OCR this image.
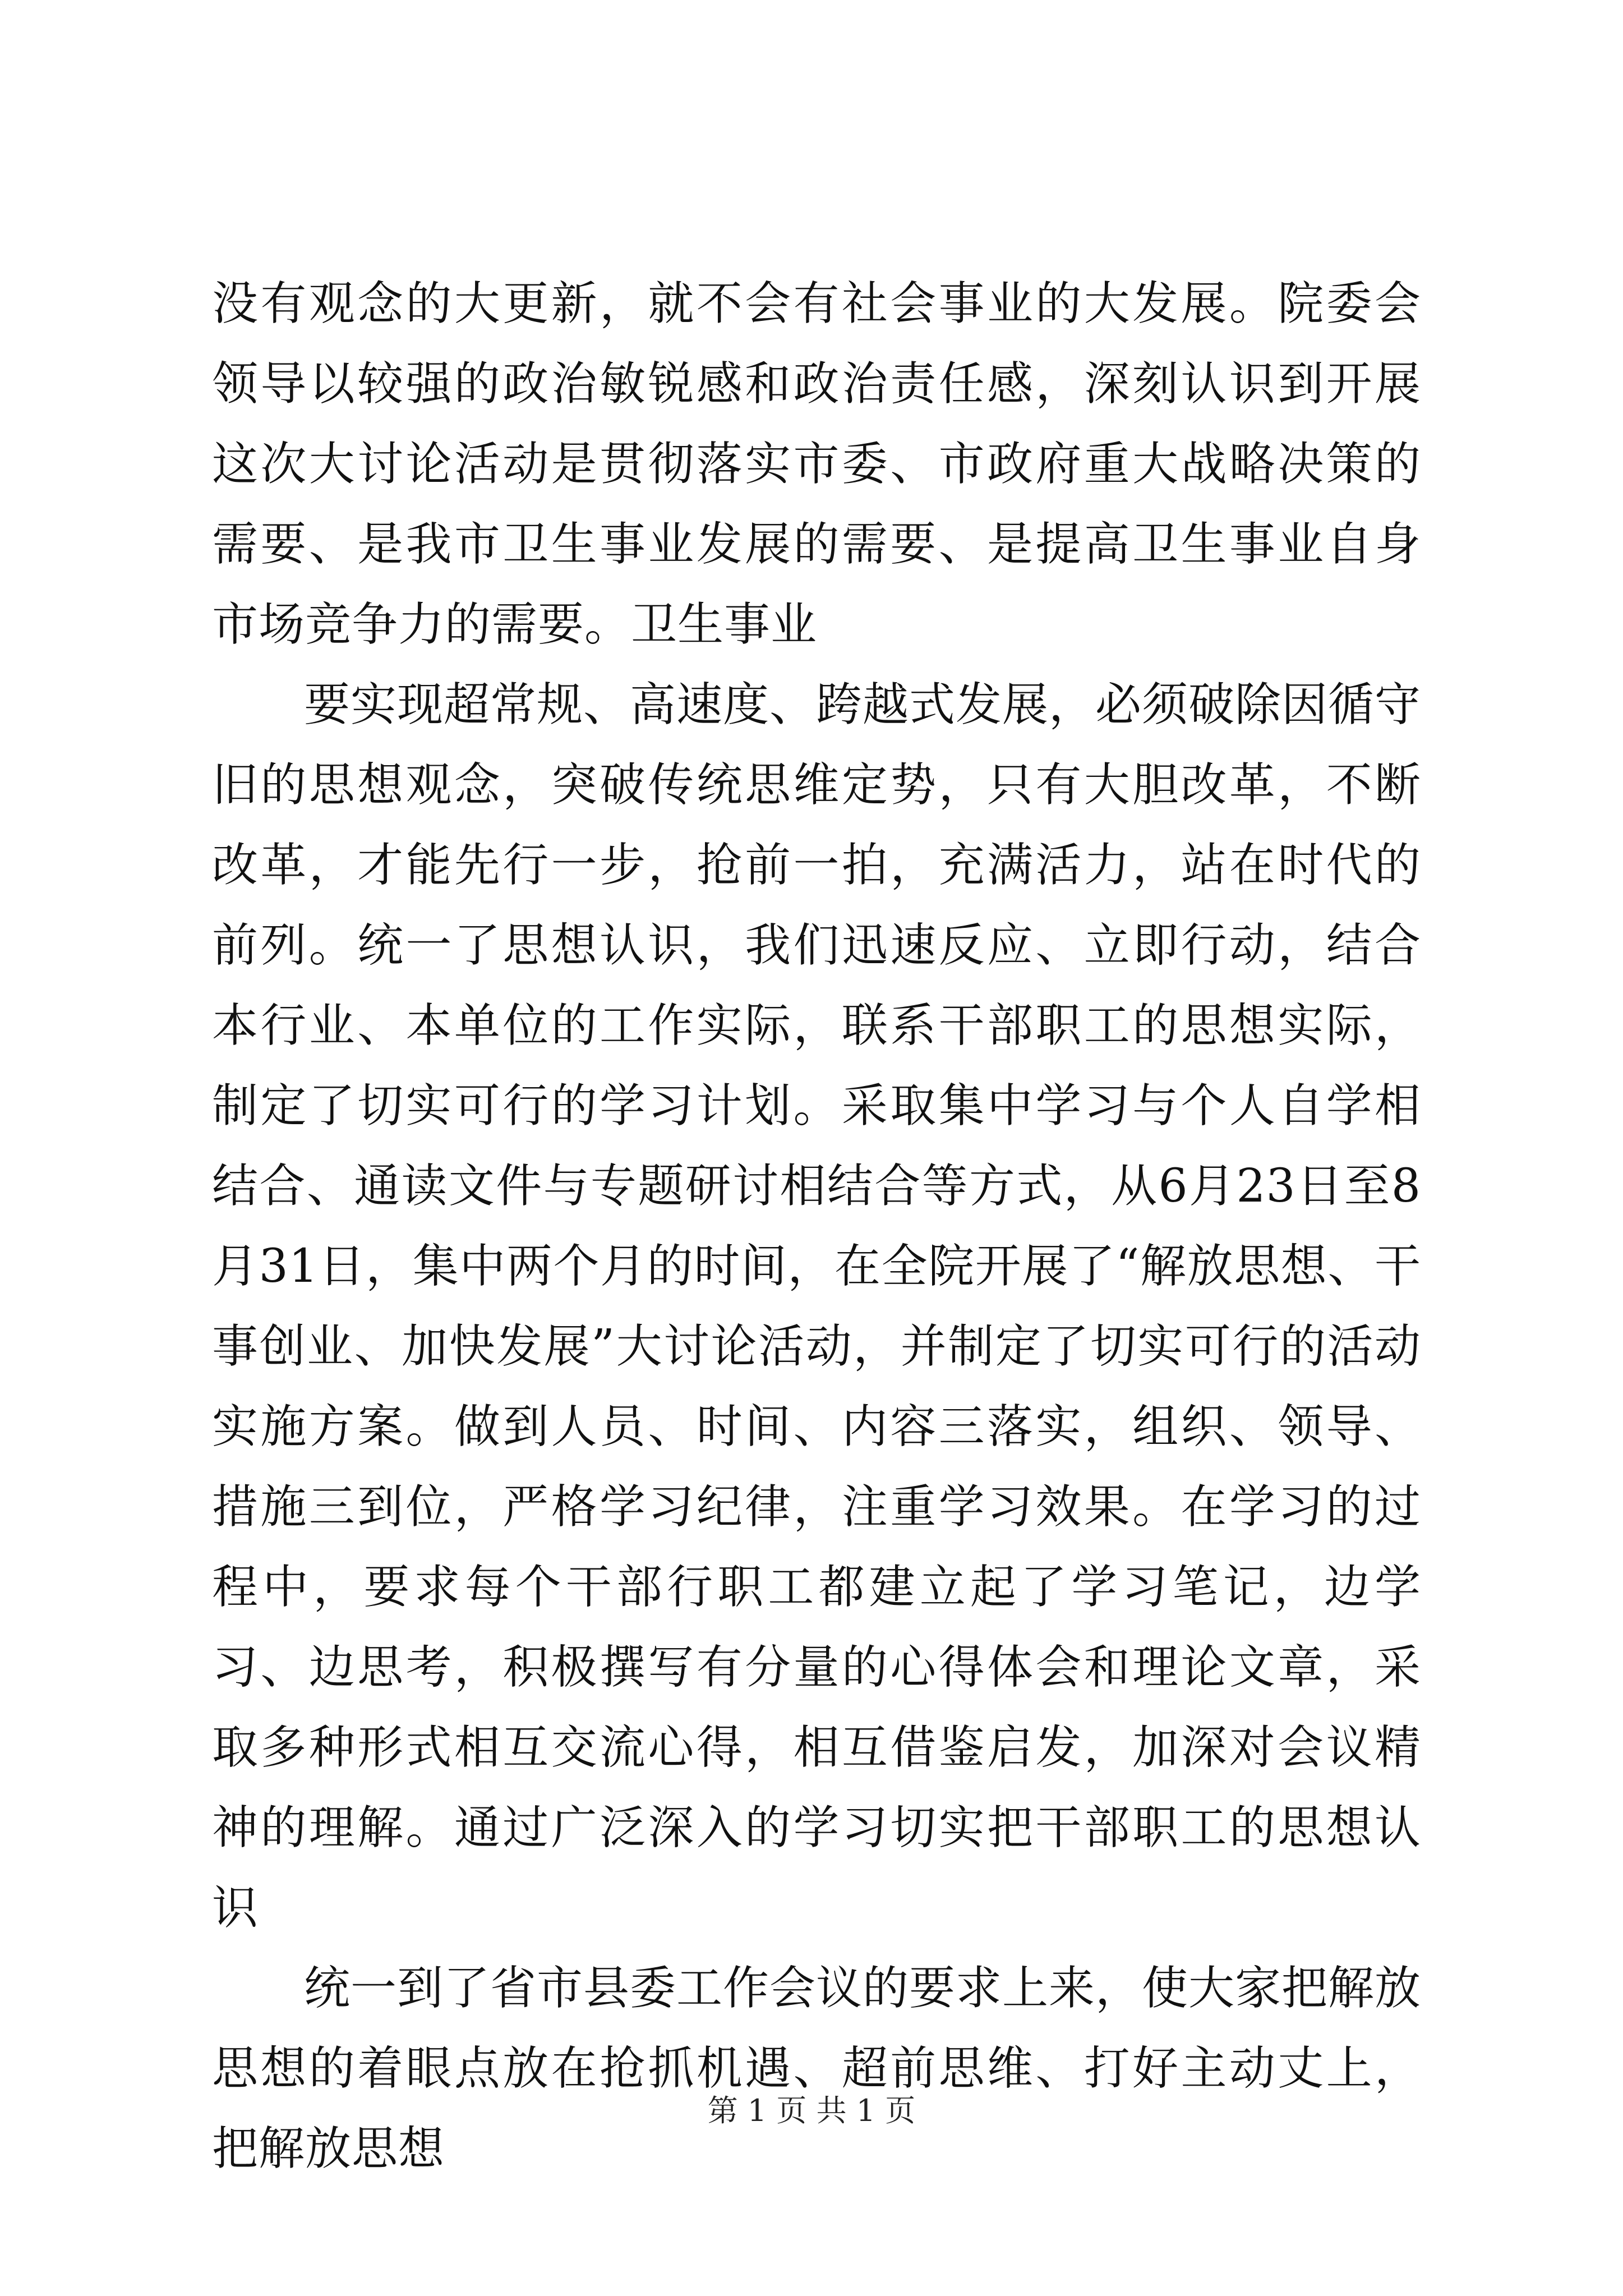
没有观念的大更新，就不会有社会事业的大发展。院委会领导以较强的政治敏锐感和政治责任感，深刻认识到开展这次大讨论活动是贯彻落实市委、市政府重大战略决策的需要、是我市卫生事业发展的需要、是提高卫生事业自身市场竞争力的需要。卫生事业

要实现超常规、高速度、跨越式发展，必须破除因循守旧的思想观念，突破传统思维定势，只有大胆改革，不断改革，才能先行一步，抢前一拍，充满活力，站在时代的前列。统一了思想认识，我们迅速反应、立即行动，结合本行业、本单位的工作实际，联系干部职工的思想实际，制定了切实可行的学习计划。采取集中学习与个人自学相结合、通读文件与专题研讨相结合等方式，从6月23日至8月31日，集中两个月的时间，在全院开展了“解放思想、干事创业、加快发展”大讨论活动，并制定了切实可行的活动实施方案。做到人员、时间、内容三落实，组织、领导、措施三到位，严格学习纪律，注重学习效果。在学习的过程中，要求每个干部行职工都建立起了学习笔记，边学习、边思考，积极撰写有分量的心得体会和理论文章，采取多种形式相互交流心得，相互借鉴启发，加深对会议精神的理解。通过广泛深入的学习切实把干部职工的思想认识

统一到了省市县委工作会议的要求上来，使大家把解放思想的着眼点放在抢抓机遇、超前思维、打好主动丈上，把解放思想

第 1 页 共 1 页
